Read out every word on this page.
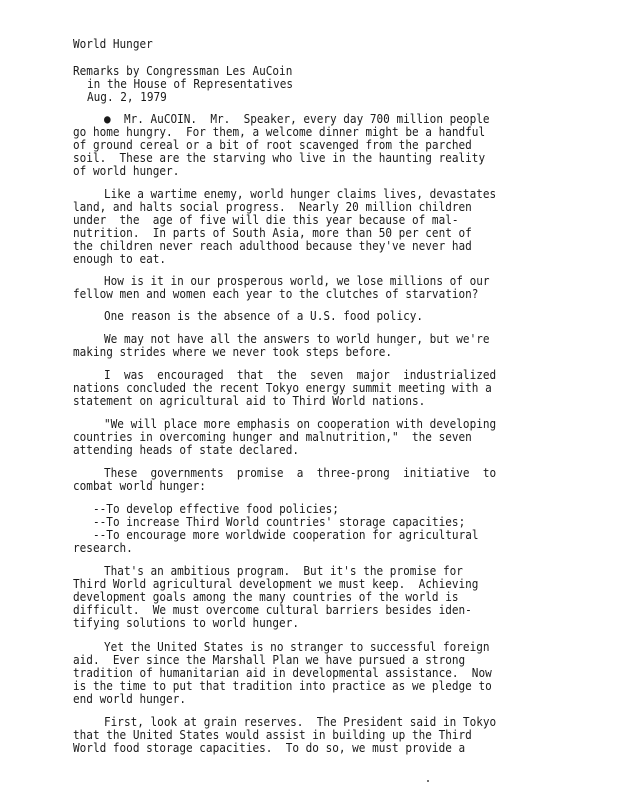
World Hunger
Remarks by Congressman Les AuCoin
in the House of Representatives
Aug. 2, 1979
●  Mr. AuCOIN.  Mr.  Speaker, every day 700 million people
go home hungry.  For them, a welcome dinner might be a handful
of ground cereal or a bit of root scavenged from the parched
soil.  These are the starving who live in the haunting reality
of world hunger.
Like a wartime enemy, world hunger claims lives, devastates
land, and halts social progress.  Nearly 20 million children
under  the  age of five will die this year because of mal-
nutrition.  In parts of South Asia, more than 50 per cent of
the children never reach adulthood because they've never had
enough to eat.
How is it in our prosperous world, we lose millions of our
fellow men and women each year to the clutches of starvation?
One reason is the absence of a U.S. food policy.
We may not have all the answers to world hunger, but we're
making strides where we never took steps before.
I  was  encouraged  that  the  seven  major  industrialized
nations concluded the recent Tokyo energy summit meeting with a
statement on agricultural aid to Third World nations.
"We will place more emphasis on cooperation with developing
countries in overcoming hunger and malnutrition,"  the seven
attending heads of state declared.
These  governments  promise  a  three-prong  initiative  to
combat world hunger:
--To develop effective food policies;
--To increase Third World countries' storage capacities;
--To encourage more worldwide cooperation for agricultural
research.
That's an ambitious program.  But it's the promise for
Third World agricultural development we must keep.  Achieving
development goals among the many countries of the world is
difficult.  We must overcome cultural barriers besides iden-
tifying solutions to world hunger.
Yet the United States is no stranger to successful foreign
aid.  Ever since the Marshall Plan we have pursued a strong
tradition of humanitarian aid in developmental assistance.  Now
is the time to put that tradition into practice as we pledge to
end world hunger.
First, look at grain reserves.  The President said in Tokyo
that the United States would assist in building up the Third
World food storage capacities.  To do so, we must provide a
